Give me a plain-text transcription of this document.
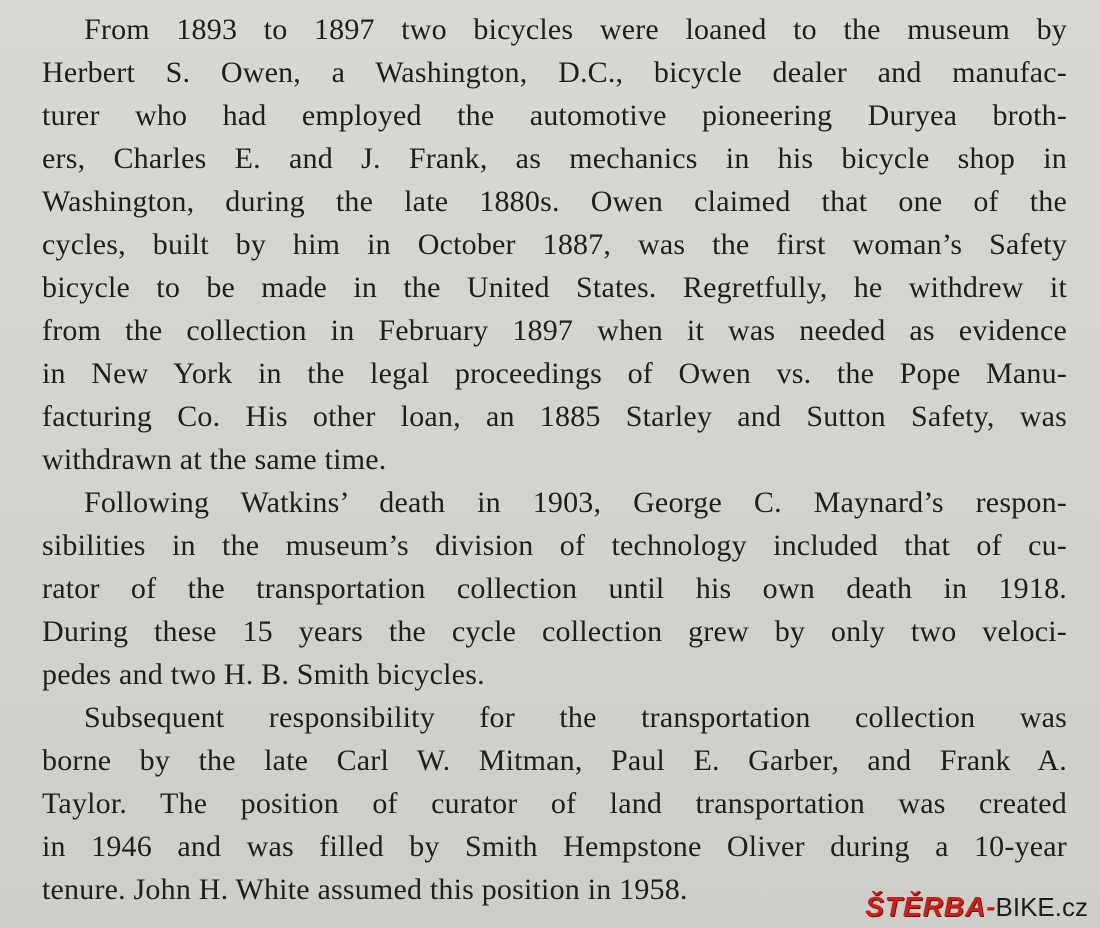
From 1893 to 1897 two bicycles were loaned to the museum by
Herbert S. Owen, a Washington, D.C., bicycle dealer and manufac-
turer who had employed the automotive pioneering Duryea broth-
ers, Charles E. and J. Frank, as mechanics in his bicycle shop in
Washington, during the late 1880s. Owen claimed that one of the
cycles, built by him in October 1887, was the first woman’s Safety
bicycle to be made in the United States. Regretfully, he withdrew it
from the collection in February 1897 when it was needed as evidence
in New York in the legal proceedings of Owen vs. the Pope Manu-
facturing Co. His other loan, an 1885 Starley and Sutton Safety, was
withdrawn at the same time.
Following Watkins’ death in 1903, George C. Maynard’s respon-
sibilities in the museum’s division of technology included that of cu-
rator of the transportation collection until his own death in 1918.
During these 15 years the cycle collection grew by only two veloci-
pedes and two H. B. Smith bicycles.
Subsequent responsibility for the transportation collection was
borne by the late Carl W. Mitman, Paul E. Garber, and Frank A.
Taylor. The position of curator of land transportation was created
in 1946 and was filled by Smith Hempstone Oliver during a 10-year
tenure. John H. White assumed this position in 1958.
ŠTĚRBA-BIKE.cz
